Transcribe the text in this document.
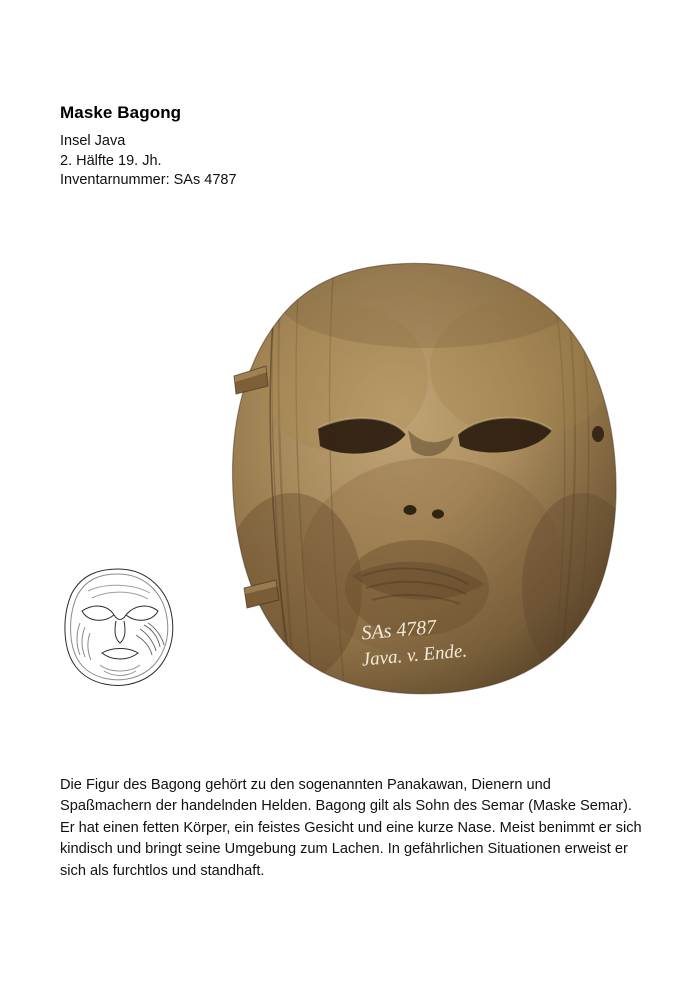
Maske Bagong
Insel Java
2. Hälfte 19. Jh.
Inventarnummer: SAs 4787
SAs 4787
Java. v. Ende.

Die Figur des Bagong gehört zu den sogenannten Panakawan, Dienern und Spaßmachern der handelnden Helden. Bagong gilt als Sohn des Semar (Maske Semar). Er hat einen fetten Körper, ein feistes Gesicht und eine kurze Nase. Meist benimmt er sich kindisch und bringt seine Umgebung zum Lachen. In gefährlichen Situationen erweist er sich als furchtlos und standhaft.
